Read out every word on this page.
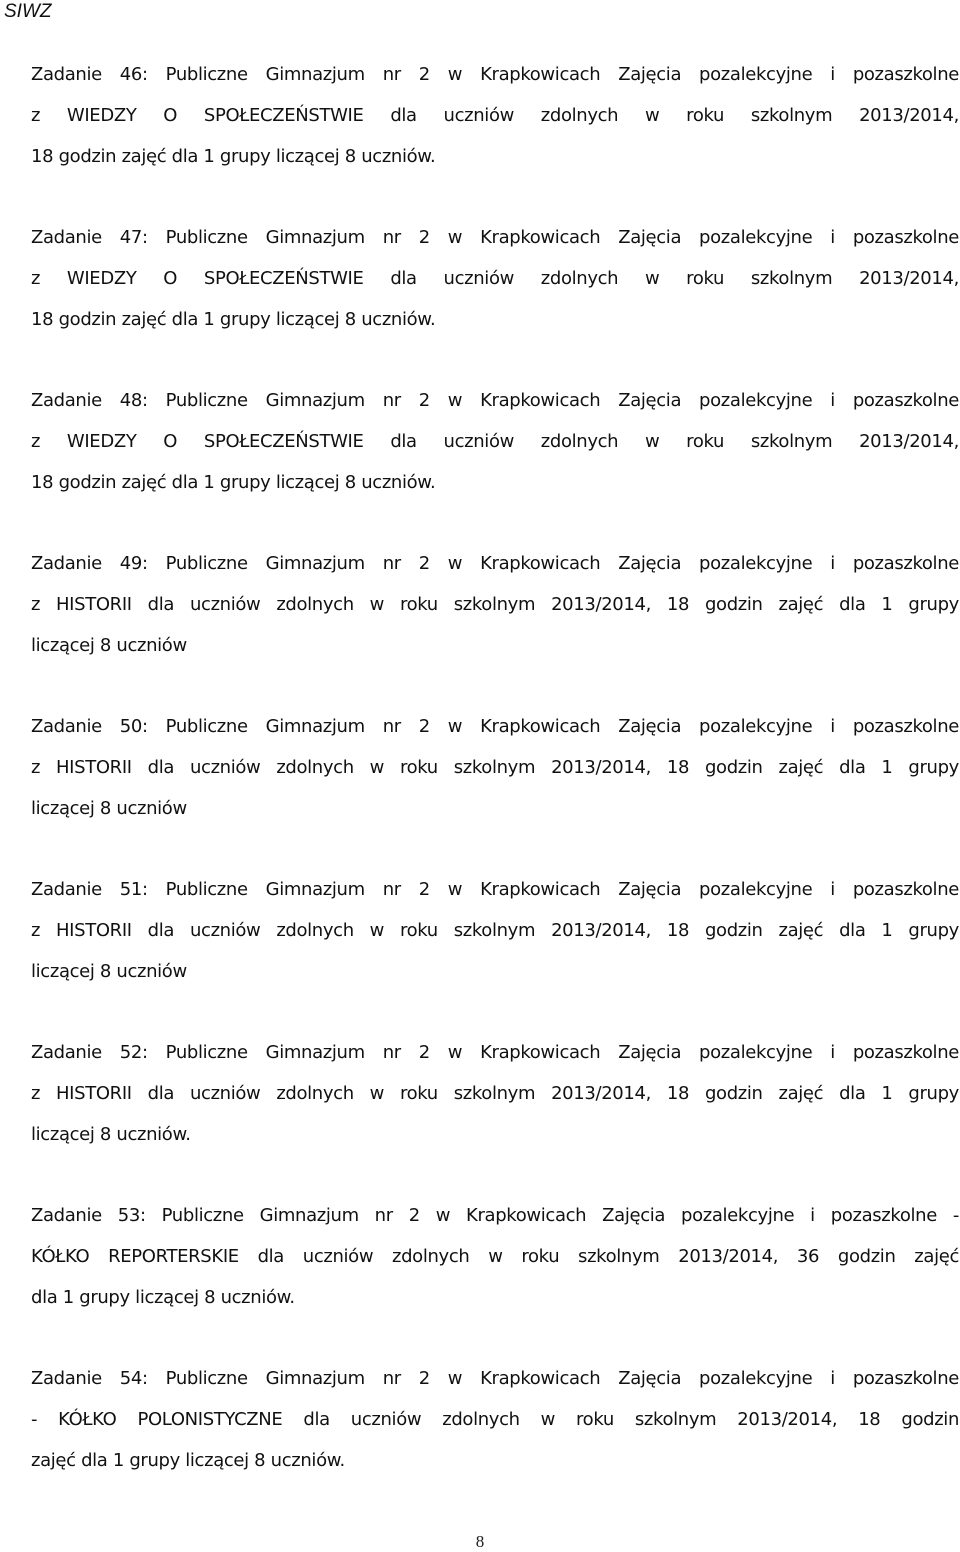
SIWZ
Zadanie 46: Publiczne Gimnazjum nr 2 w Krapkowicach Zajęcia pozalekcyjne i pozaszkolne
z WIEDZY O SPOŁECZEŃSTWIE dla uczniów zdolnych w roku szkolnym 2013/2014,
18 godzin zajęć dla 1 grupy liczącej 8 uczniów.
Zadanie 47: Publiczne Gimnazjum nr 2 w Krapkowicach Zajęcia pozalekcyjne i pozaszkolne
z WIEDZY O SPOŁECZEŃSTWIE dla uczniów zdolnych w roku szkolnym 2013/2014,
18 godzin zajęć dla 1 grupy liczącej 8 uczniów.
Zadanie 48: Publiczne Gimnazjum nr 2 w Krapkowicach Zajęcia pozalekcyjne i pozaszkolne
z WIEDZY O SPOŁECZEŃSTWIE dla uczniów zdolnych w roku szkolnym 2013/2014,
18 godzin zajęć dla 1 grupy liczącej 8 uczniów.
Zadanie 49: Publiczne Gimnazjum nr 2 w Krapkowicach Zajęcia pozalekcyjne i pozaszkolne
z HISTORII dla uczniów zdolnych w roku szkolnym 2013/2014, 18 godzin zajęć dla 1 grupy
liczącej 8 uczniów
Zadanie 50: Publiczne Gimnazjum nr 2 w Krapkowicach Zajęcia pozalekcyjne i pozaszkolne
z HISTORII dla uczniów zdolnych w roku szkolnym 2013/2014, 18 godzin zajęć dla 1 grupy
liczącej 8 uczniów
Zadanie 51: Publiczne Gimnazjum nr 2 w Krapkowicach Zajęcia pozalekcyjne i pozaszkolne
z HISTORII dla uczniów zdolnych w roku szkolnym 2013/2014, 18 godzin zajęć dla 1 grupy
liczącej 8 uczniów
Zadanie 52: Publiczne Gimnazjum nr 2 w Krapkowicach Zajęcia pozalekcyjne i pozaszkolne
z HISTORII dla uczniów zdolnych w roku szkolnym 2013/2014, 18 godzin zajęć dla 1 grupy
liczącej 8 uczniów.
Zadanie 53: Publiczne Gimnazjum nr 2 w Krapkowicach Zajęcia pozalekcyjne i pozaszkolne -
KÓŁKO REPORTERSKIE dla uczniów zdolnych w roku szkolnym 2013/2014, 36 godzin zajęć
dla 1 grupy liczącej 8 uczniów.
Zadanie 54: Publiczne Gimnazjum nr 2 w Krapkowicach Zajęcia pozalekcyjne i pozaszkolne
- KÓŁKO POLONISTYCZNE dla uczniów zdolnych w roku szkolnym 2013/2014, 18 godzin
zajęć dla 1 grupy liczącej 8 uczniów.
8
